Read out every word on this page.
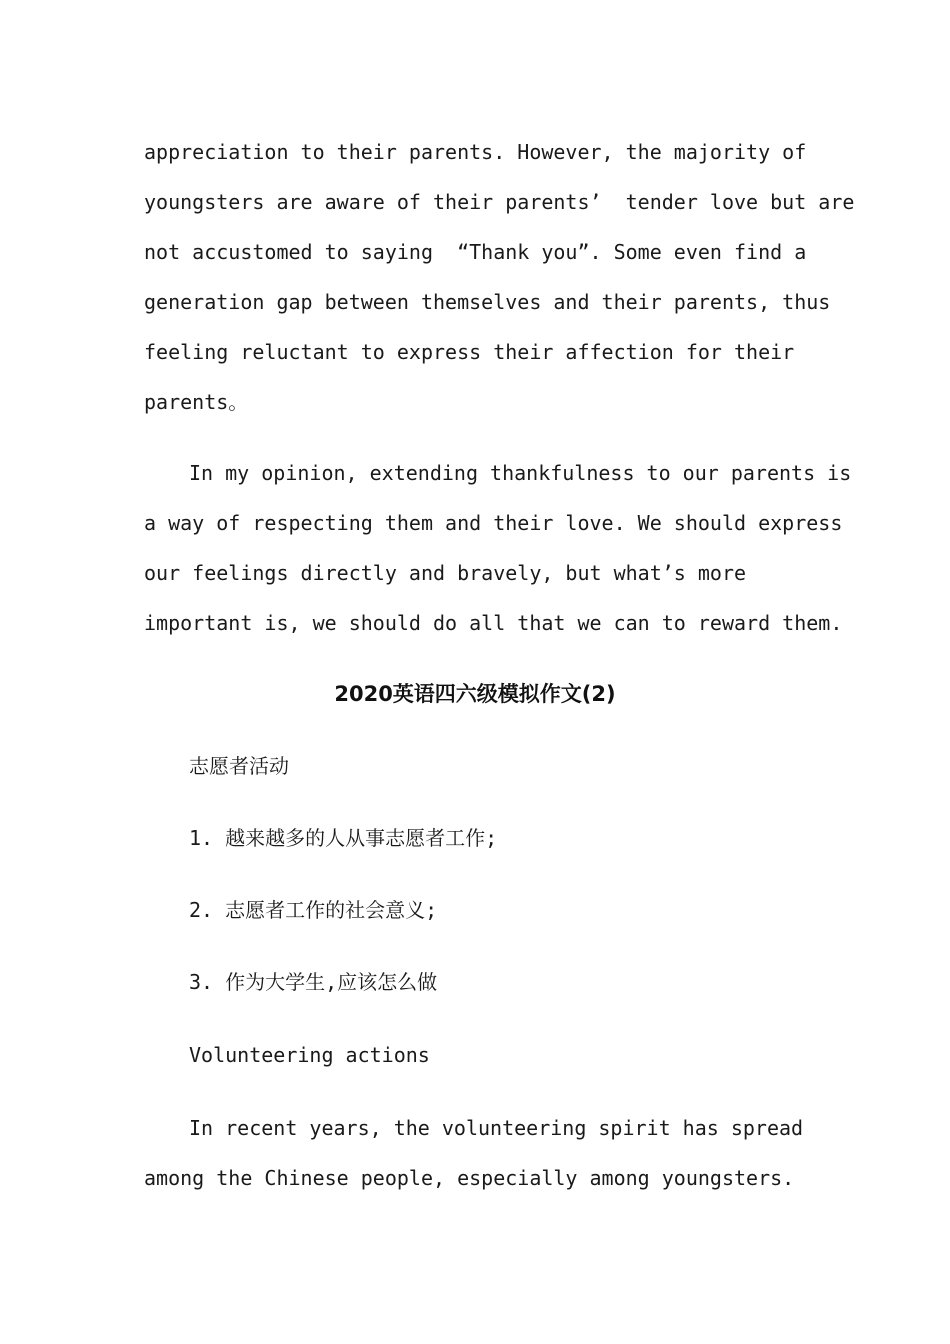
appreciation to their parents. However, the majority of
youngsters are aware of their parents’  tender love but are
not accustomed to saying  “Thank you”. Some even find a
generation gap between themselves and their parents, thus
feeling reluctant to express their affection for their
parents。
In my opinion, extending thankfulness to our parents is
a way of respecting them and their love. We should express
our feelings directly and bravely, but what’s more
important is, we should do all that we can to reward them.
2020英语四六级模拟作文(2)
志愿者活动
1. 越来越多的人从事志愿者工作;
2. 志愿者工作的社会意义;
3. 作为大学生,应该怎么做
Volunteering actions
In recent years, the volunteering spirit has spread
among the Chinese people, especially among youngsters.
